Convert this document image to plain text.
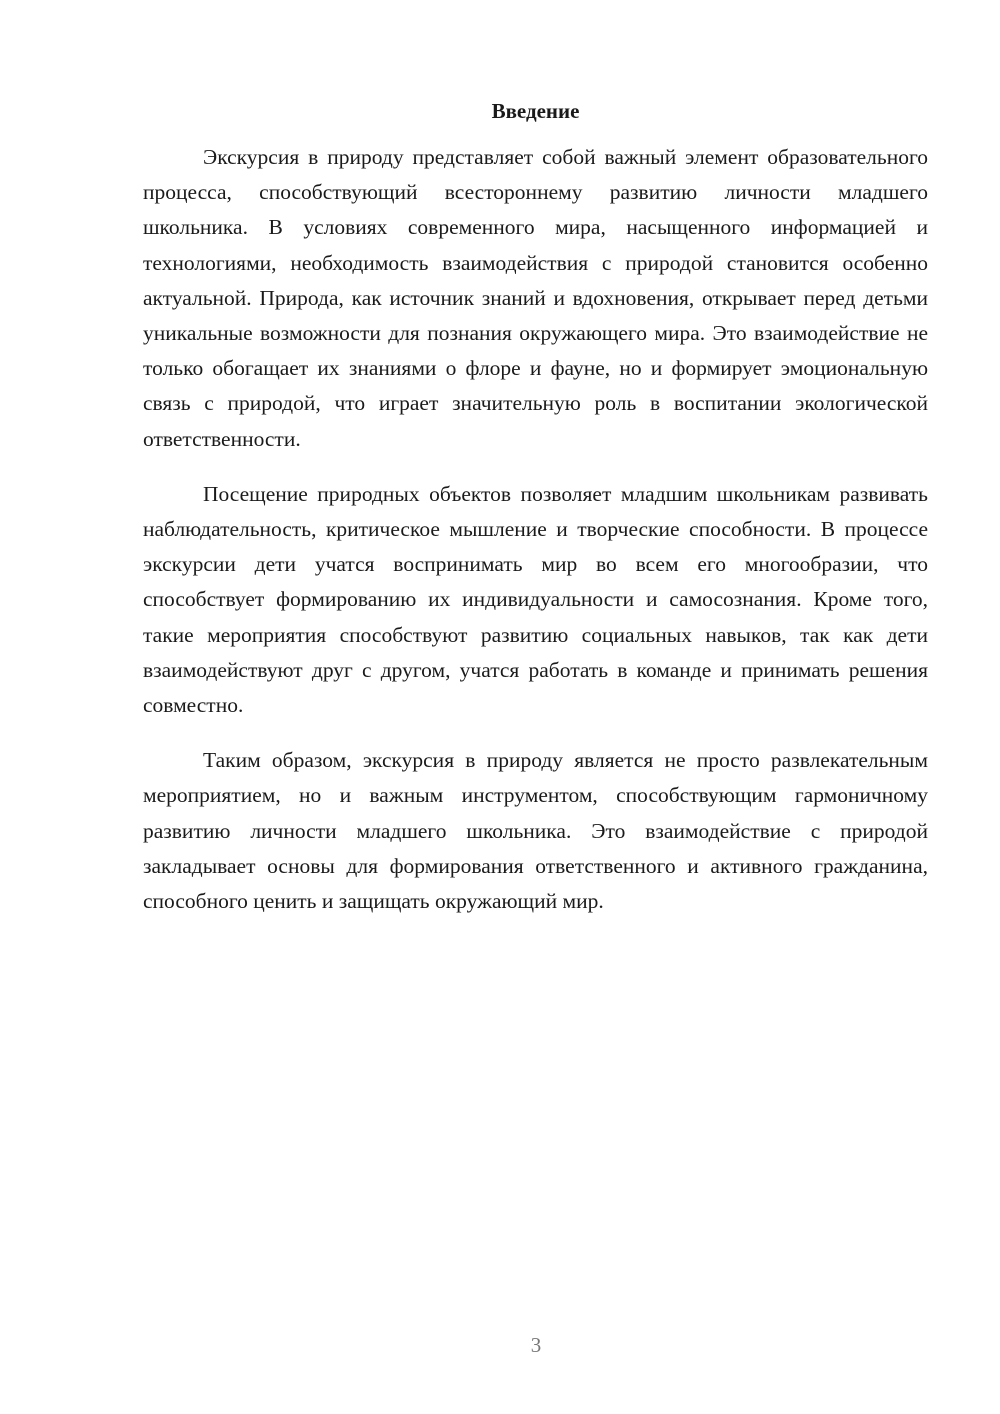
Введение

Экскурсия в природу представляет собой важный элемент образовательного процесса, способствующий всестороннему развитию личности младшего школьника. В условиях современного мира, насыщенного информацией и технологиями, необходимость взаимодействия с природой становится особенно актуальной. Природа, как источник знаний и вдохновения, открывает перед детьми уникальные возможности для познания окружающего мира. Это взаимодействие не только обогащает их знаниями о флоре и фауне, но и формирует эмоциональную связь с природой, что играет значительную роль в воспитании экологической ответственности.

Посещение природных объектов позволяет младшим школьникам развивать наблюдательность, критическое мышление и творческие способности. В процессе экскурсии дети учатся воспринимать мир во всем его многообразии, что способствует формированию их индивидуальности и самосознания. Кроме того, такие мероприятия способствуют развитию социальных навыков, так как дети взаимодействуют друг с другом, учатся работать в команде и принимать решения совместно.

Таким образом, экскурсия в природу является не просто развлекательным мероприятием, но и важным инструментом, способствующим гармоничному развитию личности младшего школьника. Это взаимодействие с природой закладывает основы для формирования ответственного и активного гражданина, способного ценить и защищать окружающий мир.

3
